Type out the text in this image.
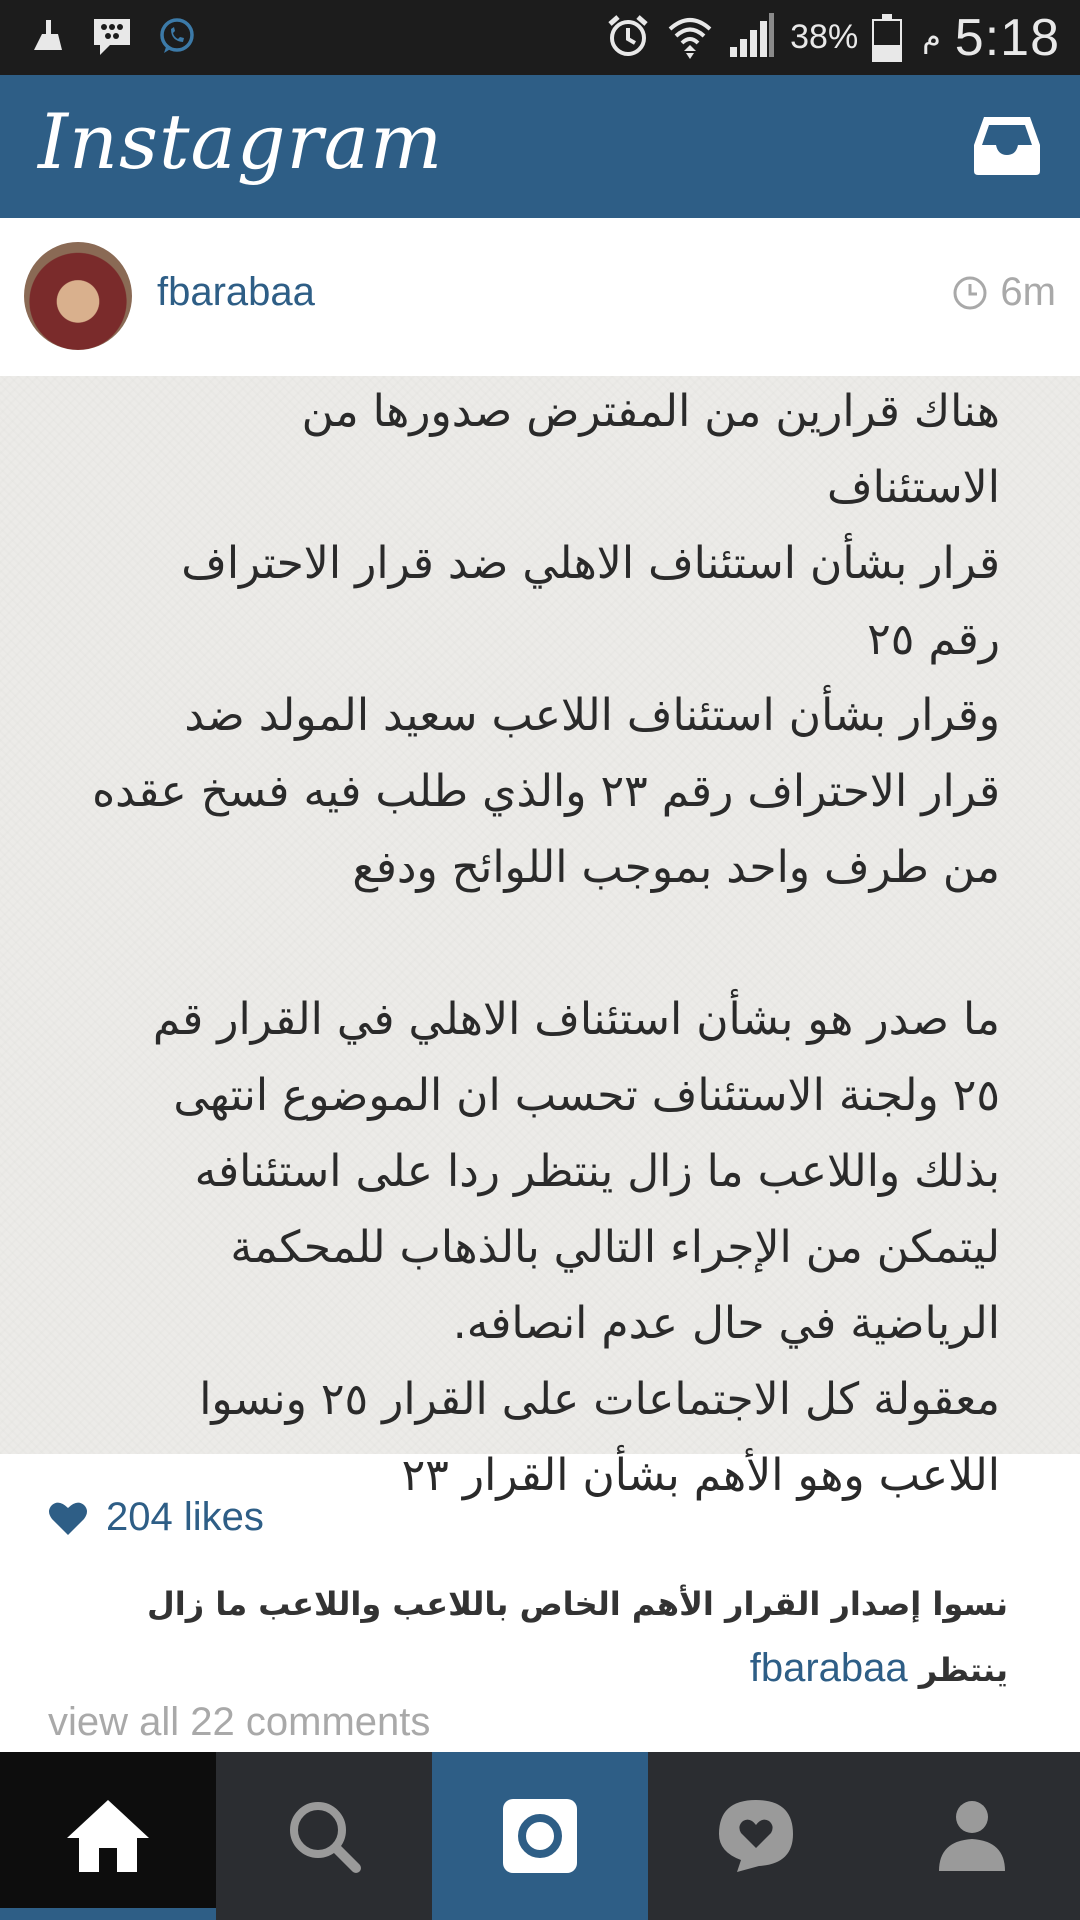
38% م 5:18
Instagram
fbarabaa	6m
هناك قرارين من المفترض صدورها من
الاستئناف
قرار بشأن استئناف الاهلي ضد قرار الاحتراف
رقم ٢٥
وقرار بشأن استئناف اللاعب سعيد المولد ضد
قرار الاحتراف رقم ٢٣ والذي طلب فيه فسخ عقده
من طرف واحد بموجب اللوائح ودفع

ما صدر هو بشأن استئناف الاهلي في القرار قم
٢٥ ولجنة الاستئناف تحسب ان الموضوع انتهى
بذلك واللاعب ما زال ينتظر ردا على استئنافه
ليتمكن من الإجراء التالي بالذهاب للمحكمة
الرياضية في حال عدم انصافه.
معقولة كل الاجتماعات على القرار ٢٥ ونسوا
اللاعب وهو الأهم بشأن القرار ٢٣
204 likes
نسوا إصدار القرار الأهم الخاص باللاعب واللاعب ما زال ينتظر fbarabaa
view all 22 comments
